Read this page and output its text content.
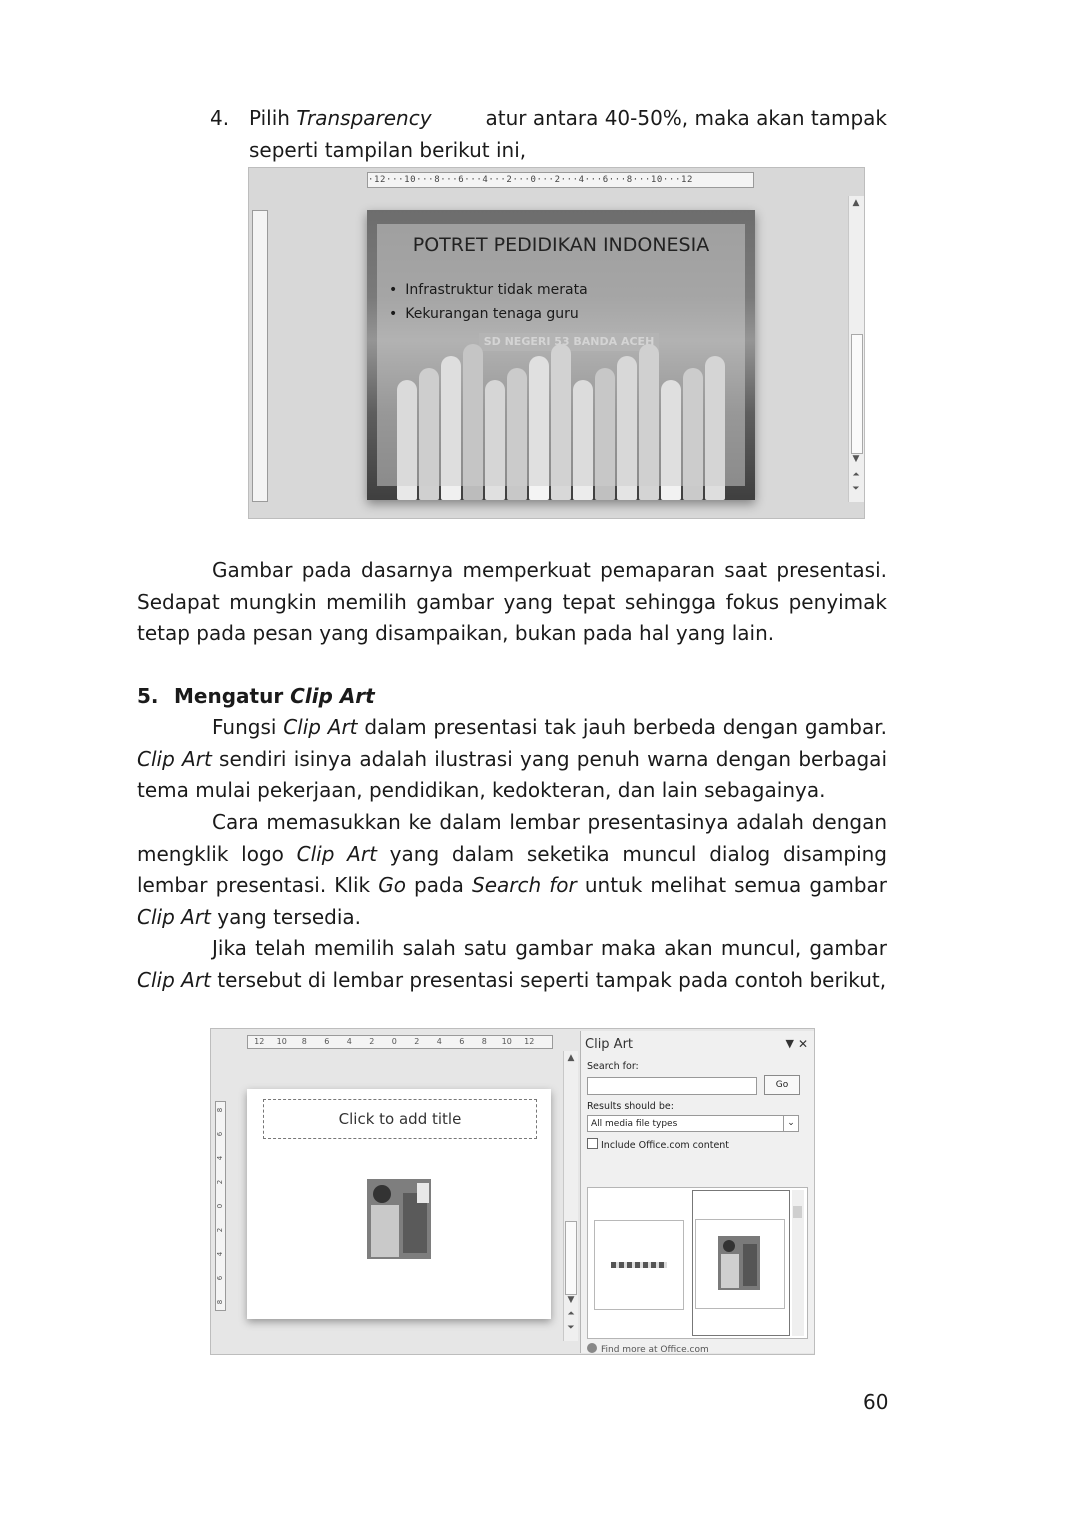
4. Pilih Transparency	atur antara 40-50%, maka akan tampak
seperti tampilan berikut ini,
·12···10···8···6···4···2···0···2···4···6···8···10···12
POTRET PEDIDIKAN INDONESIA
• Infrastruktur tidak merata
• Kekurangan tenaga guru
▲
▼
⏶
⏷
Gambar pada dasarnya memperkuat pemaparan saat presentasi. Sedapat mungkin memilih gambar yang tepat sehingga fokus penyimak tetap pada pesan yang disampaikan, bukan pada hal yang lain.
5. Mengatur Clip Art
Fungsi Clip Art dalam presentasi tak jauh berbeda dengan gambar. Clip Art sendiri isinya adalah ilustrasi yang penuh warna dengan berbagai tema mulai pekerjaan, pendidikan, kedokteran, dan lain sebagainya.
Cara memasukkan ke dalam lembar presentasinya adalah dengan mengklik logo Clip Art yang dalam seketika muncul dialog disamping lembar presentasi. Klik Go pada Search for untuk melihat semua gambar Clip Art yang tersedia.
Jika telah memilih salah satu gambar maka akan muncul, gambar Clip Art tersebut di lembar presentasi seperti tampak pada contoh berikut,
12 10 8 6 4 2 0 2 4 6 8 10 12
8
6
4
2
0
2
4
6
8
Click to add title
▲
▼
⏶
⏷
Clip Art	▼ ✕
Search for:
Go
Results should be:
All media file types	⌄
Include Office.com content
Find more at Office.com
60
